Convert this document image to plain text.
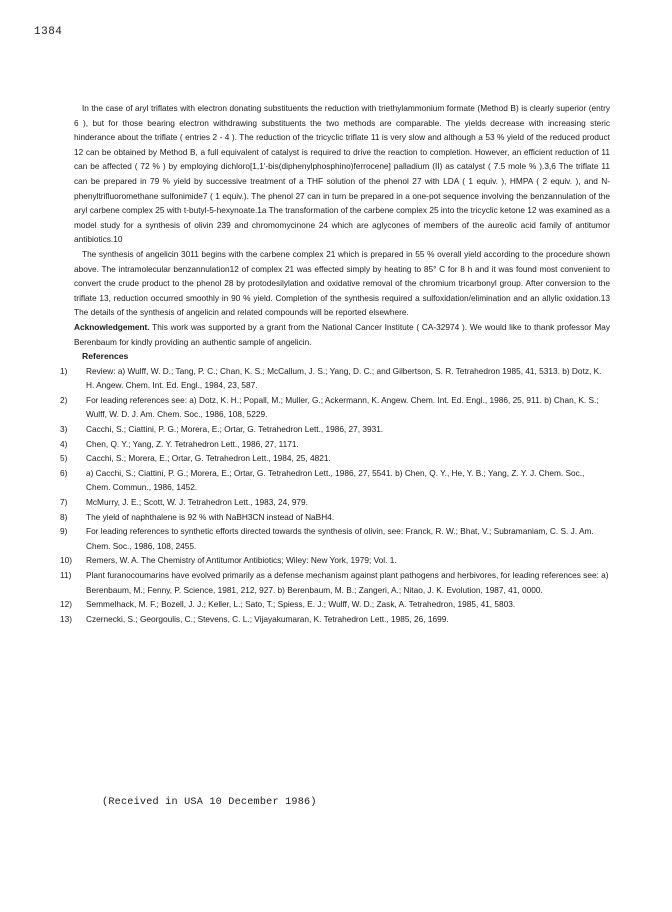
1384

In the case of aryl triflates with electron donating substituents the reduction with triethylammonium formate (Method B) is clearly superior (entry 6 ), but for those bearing electron withdrawing substituents the two methods are comparable. The yields decrease with increasing steric hinderance about the triflate ( entries 2 - 4 ). The reduction of the tricyclic triflate 11 is very slow and although a 53 % yield of the reduced product 12 can be obtained by Method B, a full equivalent of catalyst is required to drive the reaction to completion. However, an efficient reduction of 11 can be affected ( 72 % ) by employing dichloro[1,1'-bis(diphenylphosphino)ferrocene] palladium (II) as catalyst ( 7.5 mole % ).3,6 The triflate 11 can be prepared in 79 % yield by successive treatment of a THF solution of the phenol 27 with LDA ( 1 equiv. ), HMPA ( 2 equiv. ), and N-phenyltrifluoromethane sulfonimide7 ( 1 equiv.). The phenol 27 can in turn be prepared in a one-pot sequence involving the benzannulation of the aryl carbene complex 25 with t-butyl-5-hexynoate.1a The transformation of the carbene complex 25 into the tricyclic ketone 12 was examined as a model study for a synthesis of olivin 239 and chromomycinone 24 which are aglycones of members of the aureolic acid family of antitumor antibiotics.10

The synthesis of angelicin 3011 begins with the carbene complex 21 which is prepared in 55 % overall yield according to the procedure shown above. The intramolecular benzannulation12 of complex 21 was effected simply by heating to 85° C for 8 h and it was found most convenient to convert the crude product to the phenol 28 by protodesilylation and oxidative removal of the chromium tricarbonyl group. After conversion to the triflate 13, reduction occurred smoothly in 90 % yield. Completion of the synthesis required a sulfoxidation/elimination and an allylic oxidation.13 The details of the synthesis of angelicin and related compounds will be reported elsewhere.

Acknowledgement. This work was supported by a grant from the National Cancer Institute ( CA-32974 ). We would like to thank professor May Berenbaum for kindly providing an authentic sample of angelicin.

References
1)	Review: a) Wulff, W. D.; Tang, P. C.; Chan, K. S.; McCallum, J. S.; Yang, D. C.; and Gilbertson, S. R. Tetrahedron 1985, 41, 5313. b) Dotz, K. H. Angew. Chem. Int. Ed. Engl., 1984, 23, 587.
2)	For leading references see: a) Dotz, K. H.; Popall, M.; Muller, G.; Ackermann, K. Angew. Chem. Int. Ed. Engl., 1986, 25, 911. b) Chan, K. S.; Wulff, W. D. J. Am. Chem. Soc., 1986, 108, 5229.
3)	Cacchi, S.; Ciattini, P. G.; Morera, E.; Ortar, G. Tetrahedron Lett., 1986, 27, 3931.
4)	Chen, Q. Y.; Yang, Z. Y. Tetrahedron Lett., 1986, 27, 1171.
5)	Cacchi, S.; Morera, E.; Ortar, G. Tetrahedron Lett., 1984, 25, 4821.
6)	a) Cacchi, S.; Ciattini, P. G.; Morera, E.; Ortar, G. Tetrahedron Lett., 1986, 27, 5541. b) Chen, Q. Y., He, Y. B.; Yang, Z. Y. J. Chem. Soc., Chem. Commun., 1986, 1452.
7)	McMurry, J. E.; Scott, W. J. Tetrahedron Lett., 1983, 24, 979.
8)	The yield of naphthalene is 92 % with NaBH3CN instead of NaBH4.
9)	For leading references to synthetic efforts directed towards the synthesis of olivin, see: Franck, R. W.; Bhat, V.; Subramaniam, C. S. J. Am. Chem. Soc., 1986, 108, 2455.
10)	Remers, W. A. The Chemistry of Antitumor Antibiotics; Wiley: New York, 1979; Vol. 1.
11)	Plant furanocoumarins have evolved primarily as a defense mechanism against plant pathogens and herbivores, for leading references see: a) Berenbaum, M.; Fenny, P. Science, 1981, 212, 927. b) Berenbaum, M. B.; Zangeri, A.; Nitao, J. K. Evolution, 1987, 41, 0000.
12)	Semmelhack, M. F.; Bozell, J. J.; Keller, L.; Sato, T.; Spiess, E. J.; Wulff, W. D.; Zask, A. Tetrahedron, 1985, 41, 5803.
13)	Czernecki, S.; Georgoulis, C.; Stevens, C. L.; Vijayakumaran, K. Tetrahedron Lett., 1985, 26, 1699.
(Received in USA 10 December 1986)
